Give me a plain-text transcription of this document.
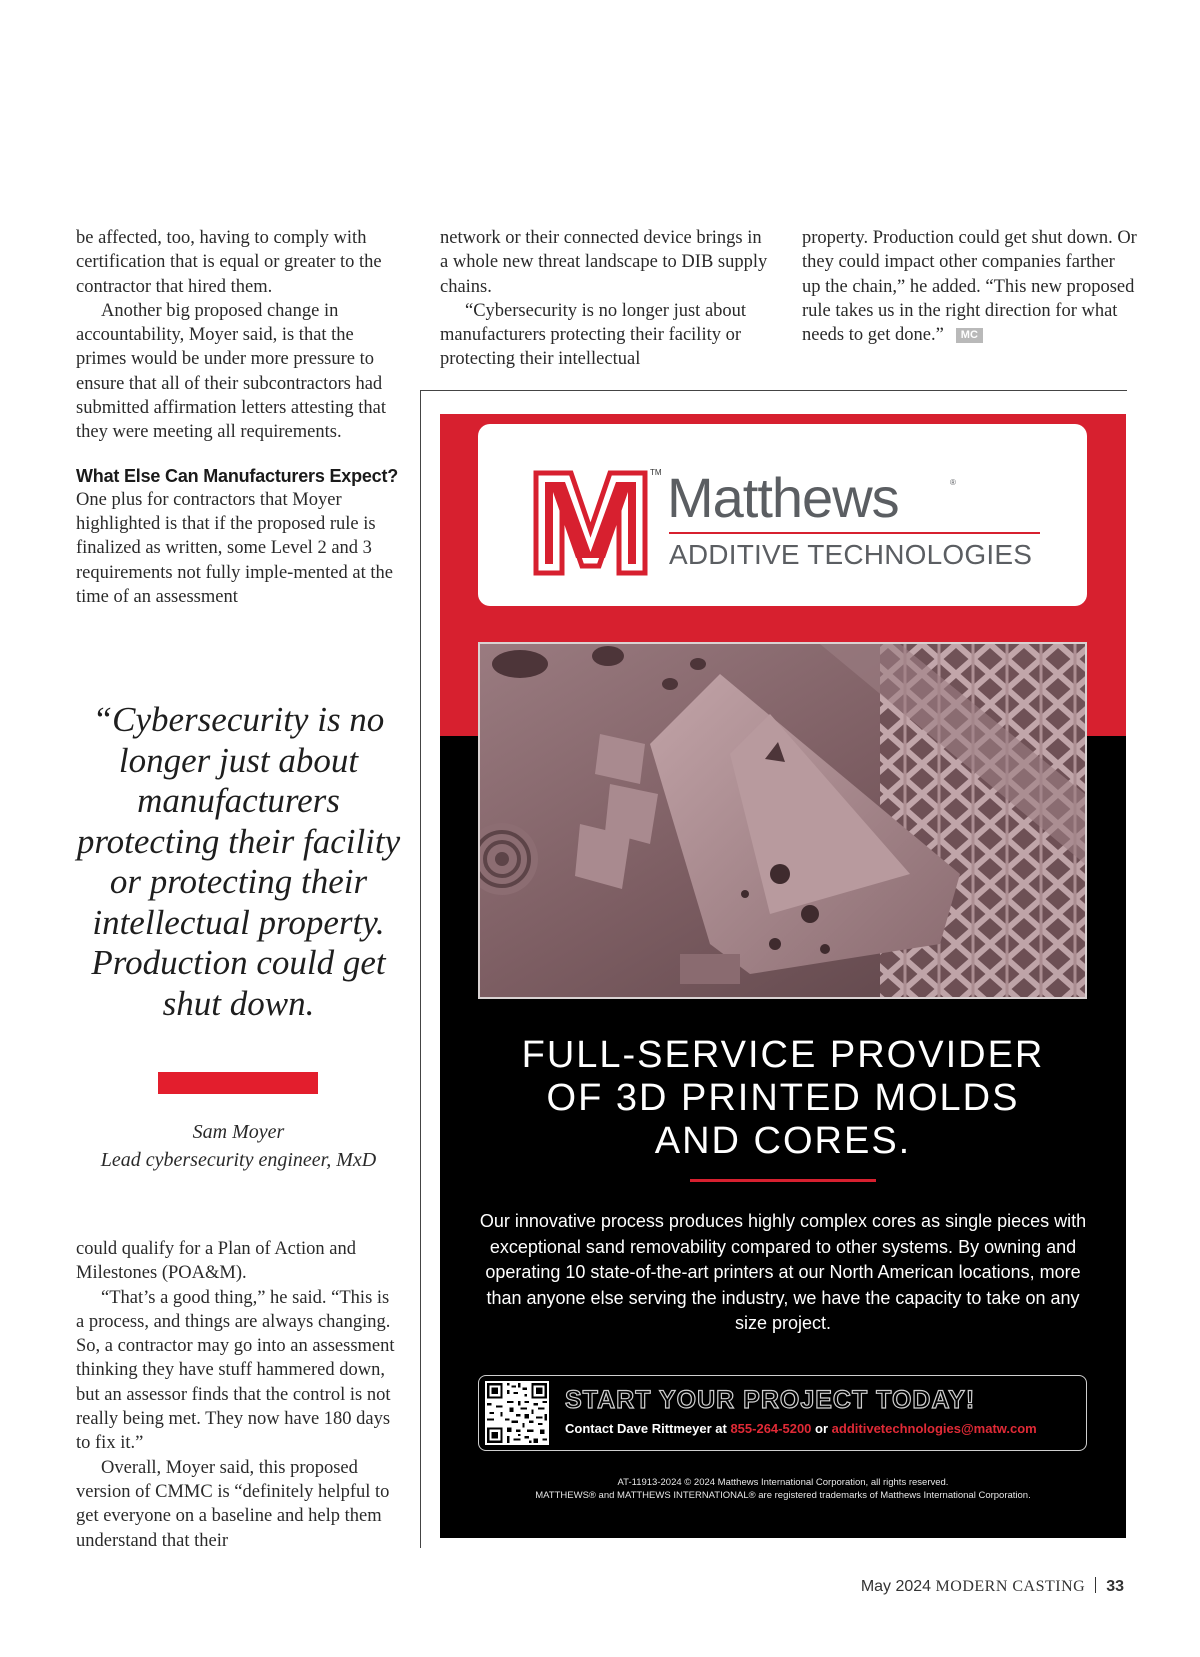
be affected, too, having to comply with certification that is equal or greater to the contractor that hired them.

Another big proposed change in accountability, Moyer said, is that the primes would be under more pressure to ensure that all of their subcontractors had submitted affirmation letters attesting that they were meeting all requirements.

What Else Can Manufacturers Expect?

One plus for contractors that Moyer highlighted is that if the proposed rule is finalized as written, some Level 2 and 3 requirements not fully imple-mented at the time of an assessment

“Cybersecurity is no longer just about manufacturers protecting their facility or protecting their intellectual property. Production could get shut down.
Sam Moyer
Lead cybersecurity engineer, MxD

could qualify for a Plan of Action and Milestones (POA&M).

“That’s a good thing,” he said. “This is a process, and things are always changing. So, a contractor may go into an assessment thinking they have stuff hammered down, but an assessor finds that the control is not really being met. They now have 180 days to fix it.”

Overall, Moyer said, this proposed version of CMMC is “definitely helpful to get everyone on a baseline and help them understand that their

network or their connected device brings in a whole new threat landscape to DIB supply chains.

“Cybersecurity is no longer just about manufacturers protecting their facility or protecting their intellectual

property. Production could get shut down. Or they could impact other companies farther up the chain,” he added. “This new proposed rule takes us in the right direction for what needs to get done.” MC

TM Matthews	®
ADDITIVE TECHNOLOGIES
FULL-SERVICE PROVIDER
OF 3D PRINTED MOLDS
AND CORES.
Our innovative process produces highly complex cores as single pieces with exceptional sand removability compared to other systems. By owning and operating 10 state-of-the-art printers at our North American locations, more than anyone else serving the industry, we have the capacity to take on any size project.
START YOUR PROJECT TODAY!
Contact Dave Rittmeyer at 855-264-5200 or additivetechnologies@matw.com
AT-11913-2024 © 2024 Matthews International Corporation, all rights reserved.
MATTHEWS® and MATTHEWS INTERNATIONAL® are registered trademarks of Matthews International Corporation.
May 2024 MODERN CASTING 33
